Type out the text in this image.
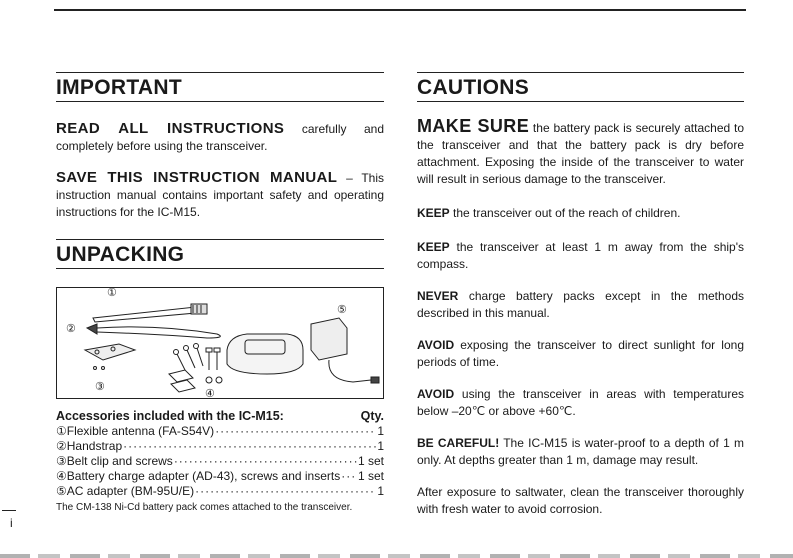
IMPORTANT

READ ALL INSTRUCTIONS carefully and completely before using the transceiver.

SAVE THIS INSTRUCTION MANUAL – This instruction manual contains important safety and operating instructions for the IC-M15.

UNPACKING
①
②
③
④
⑤
Accessories included with the IC-M15:	Qty.
①Flexible antenna (FA-S54V) ·····	1
②Handstrap ·····	1
③Belt clip and screws ·····	1 set
④Battery charge adapter (AD-43), screws and inserts ····· 1 set
⑤AC adapter (BM-95U/E) ·····	1
The CM-138 Ni-Cd battery pack comes attached to the transceiver.
CAUTIONS

MAKE SURE the battery pack is securely attached to the transceiver and that the battery pack is dry before attachment. Exposing the inside of the transceiver to water will result in serious damage to the transceiver.

KEEP the transceiver out of the reach of children.

KEEP the transceiver at least 1 m away from the ship's compass.

NEVER charge battery packs except in the methods described in this manual.

AVOID exposing the transceiver to direct sunlight for long periods of time.

AVOID using the transceiver in areas with temperatures below –20℃ or above +60℃.

BE CAREFUL! The IC-M15 is water-proof to a depth of 1 m only. At depths greater than 1 m, damage may result.

After exposure to saltwater, clean the transceiver thoroughly with fresh water to avoid corrosion.

i
